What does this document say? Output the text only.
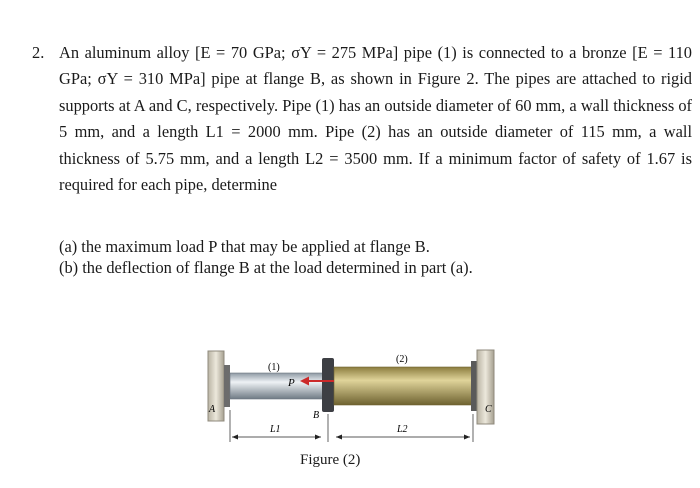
2. An aluminum alloy [E = 70 GPa; σY = 275 MPa] pipe (1) is connected to a bronze [E = 110 GPa; σY = 310 MPa] pipe at flange B, as shown in Figure 2. The pipes are attached to rigid supports at A and C, respectively. Pipe (1) has an outside diameter of 60 mm, a wall thickness of 5 mm, and a length L1 = 2000 mm. Pipe (2) has an outside diameter of 115 mm, a wall thickness of 5.75 mm, and a length L2 = 3500 mm. If a minimum factor of safety of 1.67 is required for each pipe, determine
(a) the maximum load P that may be applied at flange B.
(b) the deflection of flange B at the load determined in part (a).
(1)
(2)
P
A
B
C
L1	L2
Figure (2)
